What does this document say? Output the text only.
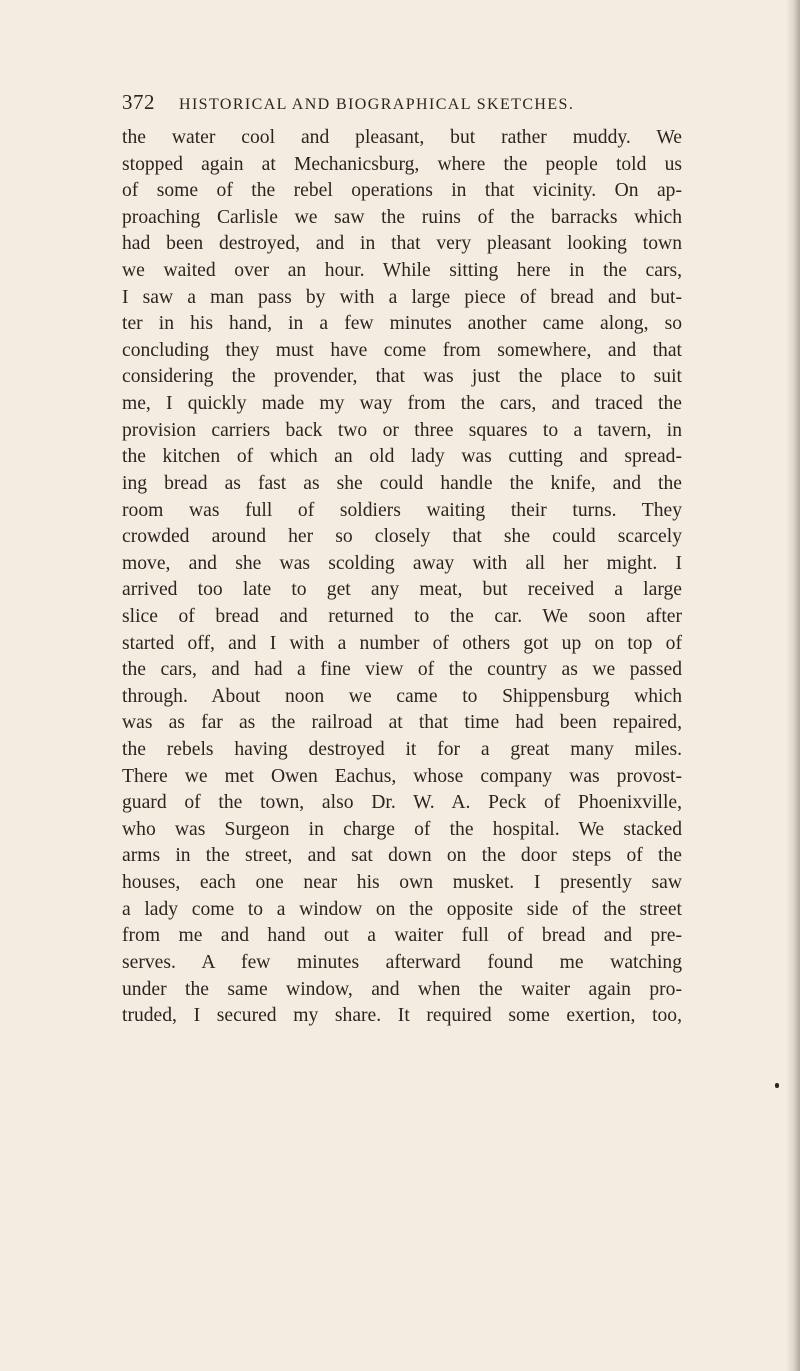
372 HISTORICAL AND BIOGRAPHICAL SKETCHES.
the water cool and pleasant, but rather muddy. We
stopped again at Mechanicsburg, where the people told us
of some of the rebel operations in that vicinity. On ap-
proaching Carlisle we saw the ruins of the barracks which
had been destroyed, and in that very pleasant looking town
we waited over an hour. While sitting here in the cars,
I saw a man pass by with a large piece of bread and but-
ter in his hand, in a few minutes another came along, so
concluding they must have come from somewhere, and that
considering the provender, that was just the place to suit
me, I quickly made my way from the cars, and traced the
provision carriers back two or three squares to a tavern, in
the kitchen of which an old lady was cutting and spread-
ing bread as fast as she could handle the knife, and the
room was full of soldiers waiting their turns. They
crowded around her so closely that she could scarcely
move, and she was scolding away with all her might. I
arrived too late to get any meat, but received a large
slice of bread and returned to the car. We soon after
started off, and I with a number of others got up on top of
the cars, and had a fine view of the country as we passed
through. About noon we came to Shippensburg which
was as far as the railroad at that time had been repaired,
the rebels having destroyed it for a great many miles.
There we met Owen Eachus, whose company was provost-
guard of the town, also Dr. W. A. Peck of Phoenixville,
who was Surgeon in charge of the hospital. We stacked
arms in the street, and sat down on the door steps of the
houses, each one near his own musket. I presently saw
a lady come to a window on the opposite side of the street
from me and hand out a waiter full of bread and pre-
serves. A few minutes afterward found me watching
under the same window, and when the waiter again pro-
truded, I secured my share. It required some exertion, too,
